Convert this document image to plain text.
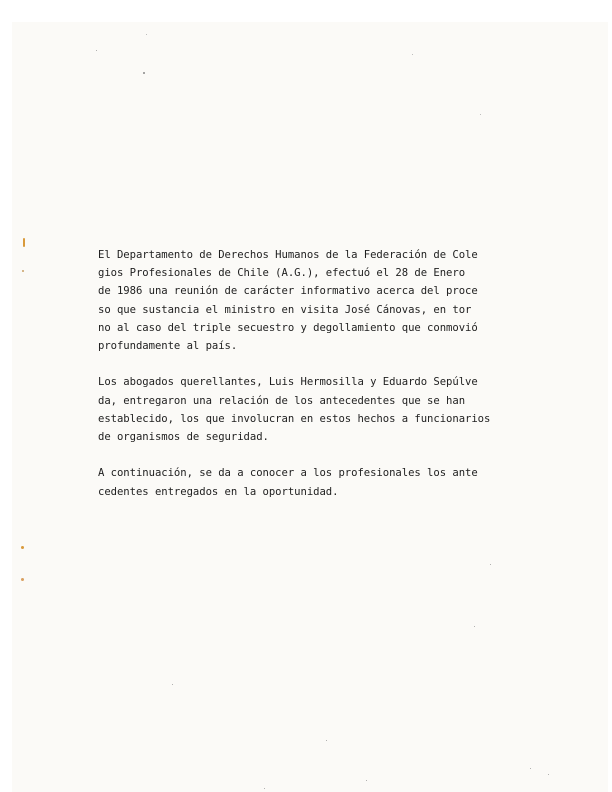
El Departamento de Derechos Humanos de la Federación de Cole
gios Profesionales de Chile (A.G.), efectuó el 28 de Enero
de 1986 una reunión de carácter informativo acerca del proce
so que sustancia el ministro en visita José Cánovas, en tor
no al caso del triple secuestro y degollamiento que conmovió
profundamente al país.

Los abogados querellantes, Luis Hermosilla y Eduardo Sepúlve
da, entregaron una relación de los antecedentes que se han
establecido, los que involucran en estos hechos a funcionarios
de organismos de seguridad.

A continuación, se da a conocer a los profesionales los ante
cedentes entregados en la oportunidad.
